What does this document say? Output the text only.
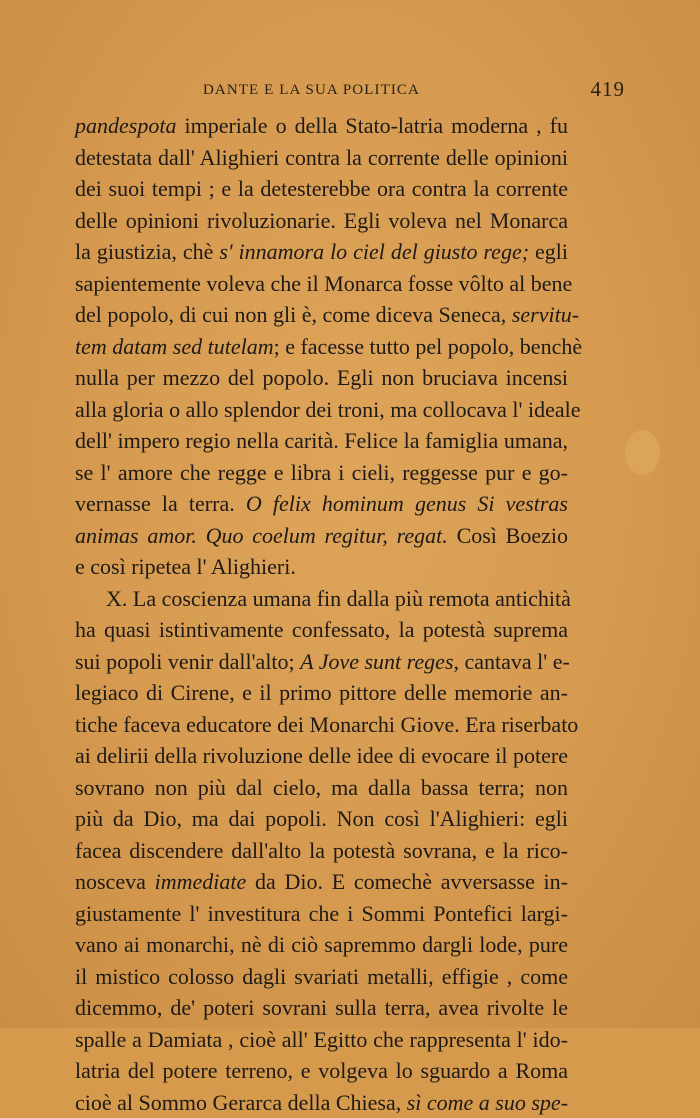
DANTE E LA SUA POLITICA	419
pandespota imperiale o della Stato-latria moderna , fu
detestata dall' Alighieri contra la corrente delle opinioni
dei suoi tempi ; e la detesterebbe ora contra la corrente
delle opinioni rivoluzionarie. Egli voleva nel Monarca
la giustizia, chè s' innamora lo ciel del giusto rege; egli
sapientemente voleva che il Monarca fosse vôlto al bene
del popolo, di cui non gli è, come diceva Seneca, servitu-
tem datam sed tutelam; e facesse tutto pel popolo, benchè
nulla per mezzo del popolo. Egli non bruciava incensi
alla gloria o allo splendor dei troni, ma collocava l' ideale
dell' impero regio nella carità. Felice la famiglia umana,
se l' amore che regge e libra i cieli, reggesse pur e go-
vernasse la terra. O felix hominum genus Si vestras
animas amor. Quo coelum regitur, regat. Così Boezio
e così ripetea l' Alighieri.
X. La coscienza umana fin dalla più remota antichità
ha quasi istintivamente confessato, la potestà suprema
sui popoli venir dall'alto; A Jove sunt reges, cantava l' e-
legiaco di Cirene, e il primo pittore delle memorie an-
tiche faceva educatore dei Monarchi Giove. Era riserbato
ai delirii della rivoluzione delle idee di evocare il potere
sovrano non più dal cielo, ma dalla bassa terra; non
più da Dio, ma dai popoli. Non così l'Alighieri: egli
facea discendere dall'alto la potestà sovrana, e la rico-
nosceva immediate da Dio. E comechè avversasse in-
giustamente l' investitura che i Sommi Pontefici largi-
vano ai monarchi, nè di ciò sapremmo dargli lode, pure
il mistico colosso dagli svariati metalli, effigie , come
dicemmo, de' poteri sovrani sulla terra, avea rivolte le
spalle a Damiata , cioè all' Egitto che rappresenta l' ido-
latria del potere terreno, e volgeva lo sguardo a Roma
cioè al Sommo Gerarca della Chiesa, sì come a suo spe-
